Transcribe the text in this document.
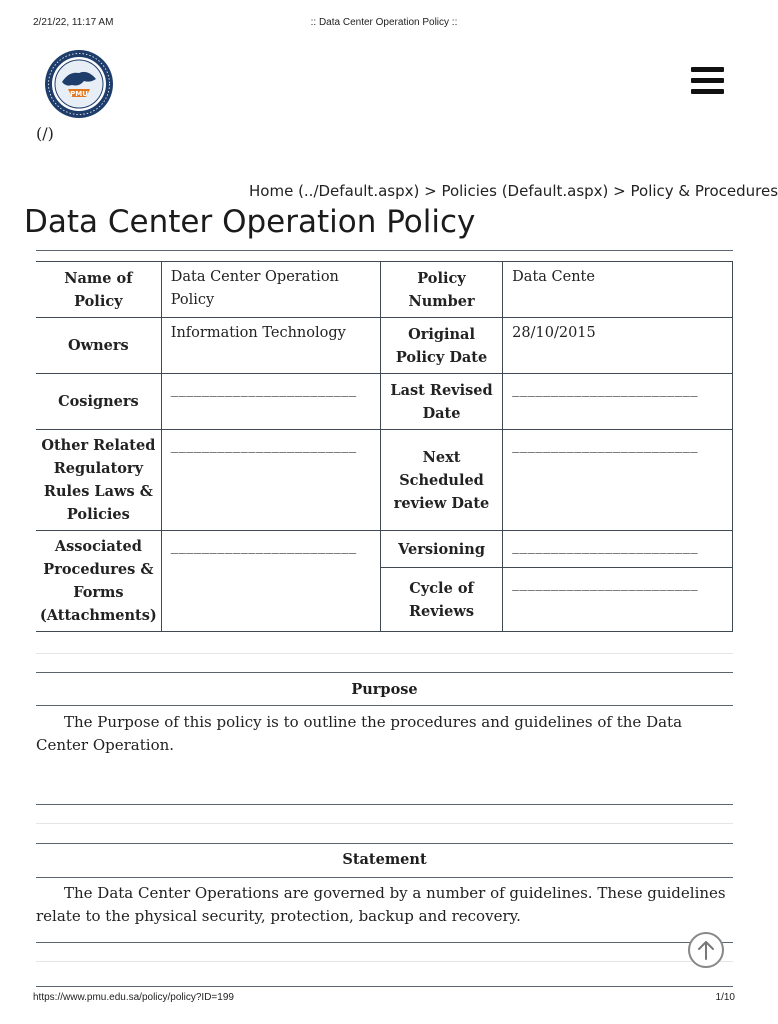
2/21/22, 11:17 AM	:: Data Center Operation Policy ::
PMU
(/)
Home (../Default.aspx) > Policies (Default.aspx) > Policy & Procedures
Data Center Operation Policy
Name of Policy	Data Center Operation Policy	Policy Number	Data Cente
Owners	Information Technology	Original Policy Date	28/10/2015
Cosigners	________________________	Last Revised Date	________________________
Other Related Regulatory Rules Laws & Policies	________________________	Next Scheduled review Date	________________________
Associated Procedures & Forms (Attachments)	________________________	Versioning	________________________
		Cycle of Reviews	________________________
Purpose

The Purpose of this policy is to outline the procedures and guidelines of the Data Center Operation.

Statement

The Data Center Operations are governed by a number of guidelines. These guidelines relate to the physical security, protection, backup and recovery.

https://www.pmu.edu.sa/policy/policy?ID=199	1/10
